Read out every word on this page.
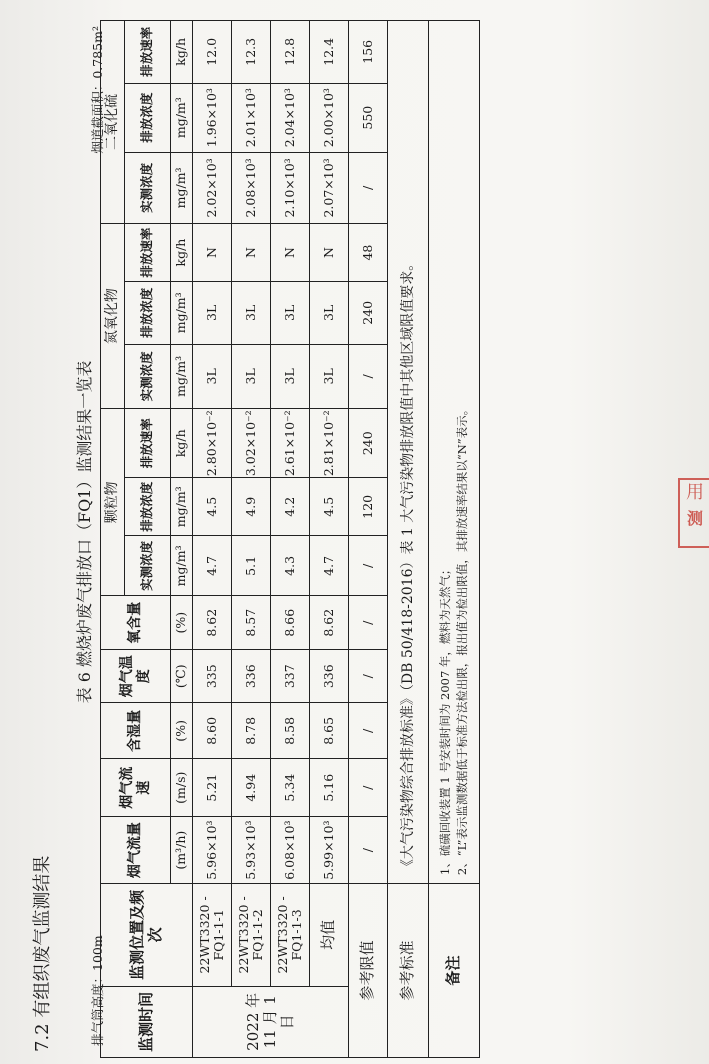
7.2 有组织废气监测结果
表 6 燃烧炉废气排放口（FQ1）监测结果一览表
排气筒高度：100m
烟道截面积：0.785m²
监测时间	监测位置及频次	烟气流量	烟气流速	含湿量	烟气温度	氧含量	颗粒物			氮氧化物			二氧化硫		
							实测浓度	排放浓度	排放速率	实测浓度	排放浓度	排放速率	实测浓度	排放浓度	排放速率
		(m³/h)	(m/s)	(%)	(℃)	(%)	mg/m³	mg/m³	kg/h	mg/m³	mg/m³	kg/h	mg/m³	mg/m³	kg/h
2022 年 11 月 1 日	22WT3320 -FQ1-1-1	5.96×10³	5.21	8.60	335	8.62	4.7	4.5	2.80×10⁻²	3L	3L	N	2.02×10³	1.96×10³	12.0
	22WT3320 -FQ1-1-2	5.93×10³	4.94	8.78	336	8.57	5.1	4.9	3.02×10⁻²	3L	3L	N	2.08×10³	2.01×10³	12.3
	22WT3320 -FQ1-1-3	6.08×10³	5.34	8.58	337	8.66	4.3	4.2	2.61×10⁻²	3L	3L	N	2.10×10³	2.04×10³	12.8
	均值	5.99×10³	5.16	8.65	336	8.62	4.7	4.5	2.81×10⁻²	3L	3L	N	2.07×10³	2.00×10³	12.4
参考限值		/	/	/	/	/	/	120	240	/	240	48	/	550	156
参考标准		《大气污染物综合排放标准》（DB 50/418-2016）表 1 大气污染物排放限值中其他区域限值要求。													
备注		1、硫磺回收装置 1 号安装时间为 2007 年，燃料为天然气； 2、“L”表示监测数据低于标准方法检出限，报出值为检出限值，其排放速率结果以“N”表示。														用
测
